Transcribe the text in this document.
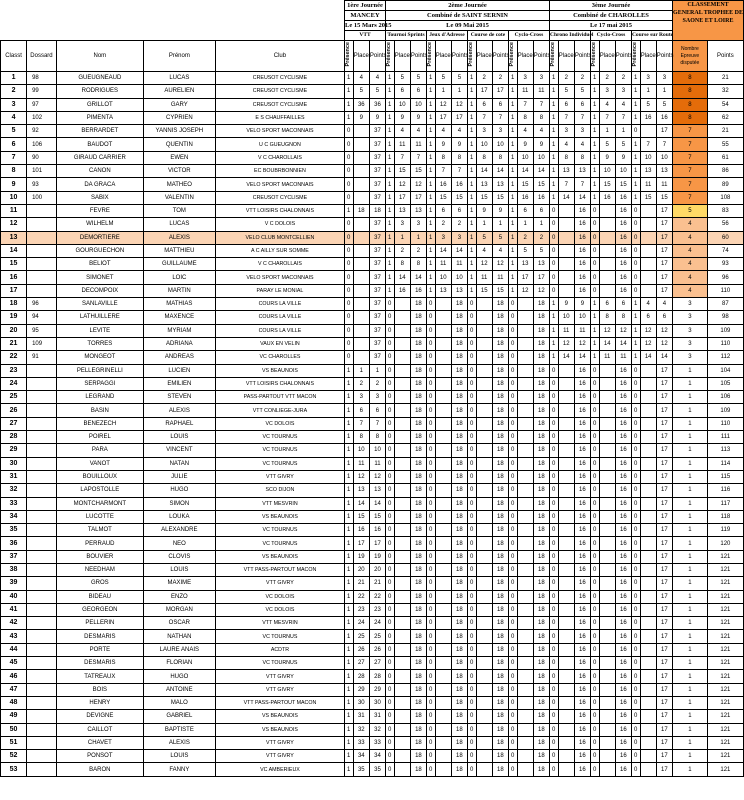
					1ère Journée			2ème Journée												3ème Journée									CLASSEMENT GENERAL TROPHEE DE SAONE ET LOIRE	
					MANCEY			Combiné de SAINT SERNIN												Combiné de CHAROLLES										
					Le 15 Mars 2015			Le 09 Mai 2015												Le 17 mai 2015										
					VTT			Tournoi Sprints			Jeux d'Adresse			Course de cote			Cyclo-Cross			Chrono Individuel			Cyclo-Cross			Course sur Route				
Classt	Dossard	Nom	Prénom	Club	Présence	Place	Points	Présence	Place	Points	Présence	Place	Points	Présence	Place	Points	Présence	Place	Points	Présence	Place	Points	Présence	Place	Points	Présence	Place	Points	Nombre Epreuve disputée	Points
1	98	GUEUGNEAUD	LUCAS	CREUSOT CYCLISME	1	4	4	1	5	5	1	5	5	1	2	2	1	3	3	1	2	2	1	2	2	1	3	3	8	21
2	99	RODRIGUES	AURELIEN	CREUSOT CYCLISME	1	5	5	1	6	6	1	1	1	1	17	17	1	11	11	1	5	5	1	3	3	1	1	1	8	32
3	97	GRILLOT	GARY	CREUSOT CYCLISME	1	36	36	1	10	10	1	12	12	1	6	6	1	7	7	1	6	6	1	4	4	1	5	5	8	54
4	102	PIMENTA	CYPRIEN	E S CHAUFFAILLES	1	9	9	1	9	9	1	17	17	1	7	7	1	8	8	1	7	7	1	7	7	1	16	16	8	62
5	92	BERRARDET	YANNIS JOSEPH	VELO SPORT MACONNAIS	0		37	1	4	4	1	4	4	1	3	3	1	4	4	1	3	3	1	1	1	0		17	7	21
6	106	BAUDOT	QUENTIN	U C GUEUGNON	0		37	1	11	11	1	9	9	1	10	10	1	9	9	1	4	4	1	5	5	1	7	7	7	55
7	90	GIRAUD CARRIER	EWEN	V C CHAROLLAIS	0		37	1	7	7	1	8	8	1	8	8	1	10	10	1	8	8	1	9	9	1	10	10	7	61
8	101	CANON	VICTOR	EC BOUBRBONNIEN	0		37	1	15	15	1	7	7	1	14	14	1	14	14	1	13	13	1	10	10	1	13	13	7	86
9	93	DA GRACA	MATHEO	VELO SPORT MACONNAIS	0		37	1	12	12	1	16	16	1	13	13	1	15	15	1	7	7	1	15	15	1	11	11	7	89
10	100	SABIX	VALENTIN	CREUSOT CYCLISME	0		37	1	17	17	1	15	15	1	15	15	1	16	16	1	14	14	1	16	16	1	15	15	7	108
11		FEVRE	TOM	VTT LOISIRS CHALONNAIS	1	18	18	1	13	13	1	6	6	1	9	9	1	6	6	0		16	0		16	0		17	5	83
12		WILHELM	LUCAS	V C DOLOIS	0		37	1	3	3	1	2	2	1	1	1	1	1	1	0		16	0		16	0		17	4	56
13		DEMORTIERE	ALEXIS	VELO CLUB MONTCELLIEN	0		37	1	1	1	1	3	3	1	5	5	1	2	2	0		16	0		16	0		17	4	60
14		GOURGUECHON	MATTHIEU	A C AILLY SUR SOMME	0		37	1	2	2	1	14	14	1	4	4	1	5	5	0		16	0		16	0		17	4	74
15		BELIOT	GUILLAUME	V C CHAROLLAIS	0		37	1	8	8	1	11	11	1	12	12	1	13	13	0		16	0		16	0		17	4	93
16		SIMONET	LOIC	VELO SPORT MACONNAIS	0		37	1	14	14	1	10	10	1	11	11	1	17	17	0		16	0		16	0		17	4	96
17		DECOMPOIX	MARTIN	PARAY LE MONIAL	0		37	1	16	16	1	13	13	1	15	15	1	12	12	0		16	0		16	0		17	4	110
18	96	SANLAVILLE	MATHIAS	COURS LA VILLE	0		37	0		18	0		18	0		18	0		18	1	9	9	1	6	6	1	4	4	3	87
19	94	LATHUILLERE	MAXENCE	COURS LA VILLE	0		37	0		18	0		18	0		18	0		18	1	10	10	1	8	8	1	6	6	3	98
20	95	LEVITE	MYRIAM	COURS LA VILLE	0		37	0		18	0		18	0		18	0		18	1	11	11	1	12	12	1	12	12	3	109
21	109	TORRES	ADRIANA	VAUX EN VELIN	0		37	0		18	0		18	0		18	0		18	1	12	12	1	14	14	1	12	12	3	110
22	91	MONGEOT	ANDREAS	VC CHAROLLES	0		37	0		18	0		18	0		18	0		18	1	14	14	1	11	11	1	14	14	3	112
23		PELLEGRINELLI	LUCIEN	VS BEAUNOIS	1	1	1	0		18	0		18	0		18	0		18	0		16	0		16	0		17	1	104
24		SERPAGGI	EMILIEN	VTT LOISIRS CHALONNAIS	1	2	2	0		18	0		18	0		18	0		18	0		16	0		16	0		17	1	105
25		LEGRAND	STEVEN	PASS-PARTOUT VTT MACON	1	3	3	0		18	0		18	0		18	0		18	0		16	0		16	0		17	1	106
26		BASIN	ALEXIS	VTT CONLIEGE-JURA	1	6	6	0		18	0		18	0		18	0		18	0		16	0		16	0		17	1	109
27		BENEZECH	RAPHAEL	VC DOLOIS	1	7	7	0		18	0		18	0		18	0		18	0		16	0		16	0		17	1	110
28		POIREL	LOUIS	VC TOURNUS	1	8	8	0		18	0		18	0		18	0		18	0		16	0		16	0		17	1	111
29		PARA	VINCENT	VC TOURNUS	1	10	10	0		18	0		18	0		18	0		18	0		16	0		16	0		17	1	113
30		VANOT	NATAN	VC TOURNUS	1	11	11	0		18	0		18	0		18	0		18	0		16	0		16	0		17	1	114
31		BOUILLOUX	JULIE	VTT GIVRY	1	12	12	0		18	0		18	0		18	0		18	0		16	0		16	0		17	1	115
32		LAPOSTOLLE	HUGO	SCO DIJON	1	13	13	0		18	0		18	0		18	0		18	0		16	0		16	0		17	1	116
33		MONTCHARMONT	SIMON	VTT MESVRIN	1	14	14	0		18	0		18	0		18	0		18	0		16	0		16	0		17	1	117
34		LUCOTTE	LOUKA	VS BEAUNOIS	1	15	15	0		18	0		18	0		18	0		18	0		16	0		16	0		17	1	118
35		TALMOT	ALEXANDRE	VC TOURNUS	1	16	16	0		18	0		18	0		18	0		18	0		16	0		16	0		17	1	119
36		PERRAUD	NEO	VC TOURNUS	1	17	17	0		18	0		18	0		18	0		18	0		16	0		16	0		17	1	120
37		BOUVIER	CLOVIS	VS BEAUNOIS	1	19	19	0		18	0		18	0		18	0		18	0		16	0		16	0		17	1	121
38		NEEDHAM	LOUIS	VTT PASS-PARTOUT MACON	1	20	20	0		18	0		18	0		18	0		18	0		16	0		16	0		17	1	121
39		GROS	MAXIME	VTT GIVRY	1	21	21	0		18	0		18	0		18	0		18	0		16	0		16	0		17	1	121
40		BIDEAU	ENZO	VC DOLOIS	1	22	22	0		18	0		18	0		18	0		18	0		16	0		16	0		17	1	121
41		GEORGEON	MORGAN	VC DOLOIS	1	23	23	0		18	0		18	0		18	0		18	0		16	0		16	0		17	1	121
42		PELLERIN	OSCAR	VTT MESVRIN	1	24	24	0		18	0		18	0		18	0		18	0		16	0		16	0		17	1	121
43		DESMARIS	NATHAN	VC TOURNUS	1	25	25	0		18	0		18	0		18	0		18	0		16	0		16	0		17	1	121
44		PORTE	LAURE ANAIS	ACDTR	1	26	26	0		18	0		18	0		18	0		18	0		16	0		16	0		17	1	121
45		DESMARIS	FLORIAN	VC TOURNUS	1	27	27	0		18	0		18	0		18	0		18	0		16	0		16	0		17	1	121
46		TATREAUX	HUGO	VTT GIVRY	1	28	28	0		18	0		18	0		18	0		18	0		16	0		16	0		17	1	121
47		BOIS	ANTOINE	VTT GIVRY	1	29	29	0		18	0		18	0		18	0		18	0		16	0		16	0		17	1	121
48		HENRY	MALO	VTT PASS-PARTOUT MACON	1	30	30	0		18	0		18	0		18	0		18	0		16	0		16	0		17	1	121
49		DEVIGNE	GABRIEL	VS BEAUNOIS	1	31	31	0		18	0		18	0		18	0		18	0		16	0		16	0		17	1	121
50		CAILLOT	BAPTISTE	VS BEAUNOIS	1	32	32	0		18	0		18	0		18	0		18	0		16	0		16	0		17	1	121
51		CHAVET	ALEXIS	VTT GIVRY	1	33	33	0		18	0		18	0		18	0		18	0		16	0		16	0		17	1	121
52		PONSOT	LOUIS	VTT GIVRY	1	34	34	0		18	0		18	0		18	0		18	0		16	0		16	0		17	1	121
53		BARON	FANNY	VC AMBERIEUX	1	35	35	0		18	0		18	0		18	0		18	0		16	0		16	0		17	1	121
